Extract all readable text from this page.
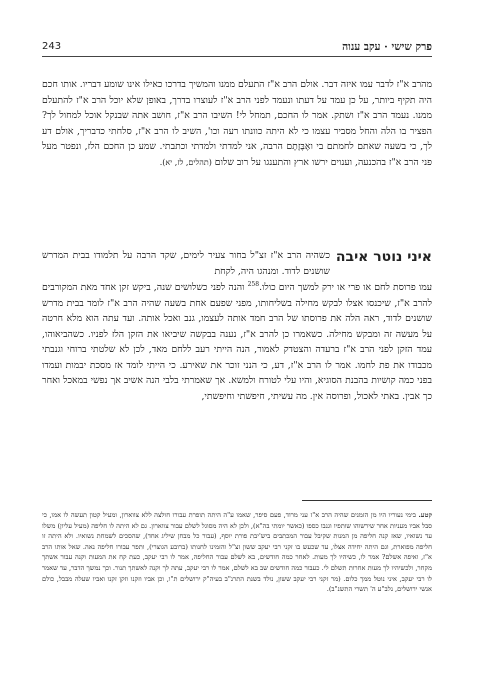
פרק שישי · עקב ענוה
243

מהרב א"ז לדבר עמו איזה דבר. אולם הרב א"ז התעלם ממנו והמשיך בדרכו כאילו אינו שומע דבריו. אותו חכם היה תקיף ביותר, על כן עמד על דעתו ונעמד לפני הרב א"ז לעוצרו בדרך, באופן שלא יוכל הרב א"ז להתעלם ממנו. נעמד הרב א"ז ושתק. אמר לו החכם, תמחל לי! השיבו הרב א"ז, חושב אתה שבנקל אוכל למחול לך? הפציר בו הלה והחל מסביר עצמו כי לא היתה כוונתו רעה וכו', השיב לו הרב א"ז, סלחתי כדבריך, אולם דע לך, כי בשעה שאתם לחמתם בי ואֶבֶּזֶתֶם הרבה, אני למדתי ולמדתי וכתבתי. שמע כן החכם הלז, ונפטר מעל פני הרב א"ז בהכנעה, וענוים ירשו ארץ והתענגו על רוב שלום (תהלים, לז, יא).

איני נוטר איבה

כשהיה הרב א"ז זצ"ל בחור צעיר לימים, שקד הרבה על תלמודו בבית המדרש שושנים לדוד. ומנהגו היה, לקחת

עמו פרוסת לחם או פרי או ירק למשך היום כולו.$^{258}$ והנה לפני כשלושים שנה, ביקש זקן אחד מאת המקורבים להרב א"ז, שיכנסו אצלו לבקש מחילה בשליחותו, מפני שפעם אחת בשעה שהיה הרב א"ז לומד בבית מדרש שושנים לדוד, ראה הלה את פרוסתו של הרב חמד אותה לעצמו, גנב ואכל אותה. ועד עתה הוא מלא חרטה על מעשה זה ומבקש מחילה. כשאמרו כן להרב א"ז, נענה בבקשה שיביאו את הזקן הלז לפניו. כשהביאוהו, עמד הזקן לפני הרב א"ז ברעדה והצטדק לאמור, הנה הייתי רעב ללחם מאד, לכן לא שלטתי ברוחי וגנבתי מכבודו את פת לחמו. אמר לו הרב א"ז, דע, כי הנני זוכר את שאירע. כי הייתי לומד אז מסכת יבמות ועמדו בפני כמה קושיות בהבנת הסוגיא, והיו עלי לטורח ולמשא. אך שאמרתי בלבי הנה אשיב אך נפשי במאכל ואחר כך אבין. באתי לאכול, ופרוסה אין. מה עשיתי, חיפשתי וחיפשתי,

קטע. בימי נעוריו היו מן הזמנים שהיה הרב א"ז עני מרוד, פעם סיפר, שאמו ע"ה היתה תופרת עבורו חולצה ללא צווארון, ומעיל קטון תעשה לו אמו, כי סבל אביו מעניות אחר שירשוהו שותפיו וגנבו כספו (כאשר יומתי בה"א), ולכן לא היה מסוגל לשלם עבור צווארון. גם לא היתה לו חליפה (מעיל עליון) משלו עד נשואיו, שאז קנה חליפה מן המנות שקיבל עבור המכתבים ביש'יבת פורת יוסף, (עבור כל מבחן שיליג אחד), שהסכים לשמחת נשואיו. ולא היתה זו חליפה מפוארת, וגם היתה יחידה אצלו, עד שכעש בו זקני רבי יעקב ששון זצ"ל והזמינו לחנותו (ברובע הגוצרי), ותפר עבורו חליפה נאה. שאל אותו הרב א"ז, ואיפה אשלם? אמר לו, כשיהיו לך מעות. לאחר כמה חודשים, בא לשלם עבור החליפה, אמר לו רבי יעקב, כעת קח את המעות וקנה עבור אשתך מקחר, ולכשיהיו לך מעות אחרות תשלם לי. כעבור כמה חודשים שב בא לשלם, אמר לו רבי יעקב, עתה לך וקנה לאשתך תנור. וכך נמשך הדבר, עד שאמר לו רבי יעקב, איני נוטל ממך כלום. (מר זקני רבי יעקב ששון, נולד בשנת התרנ"ב בעיה"ק ירושלים ת"ו, וכן אביו וזקנו וזקן זקנו ואביו שעלה מבבל, כולם אנשי ירושלים, נלב"ע ה' תשרי התשנ"ב).
